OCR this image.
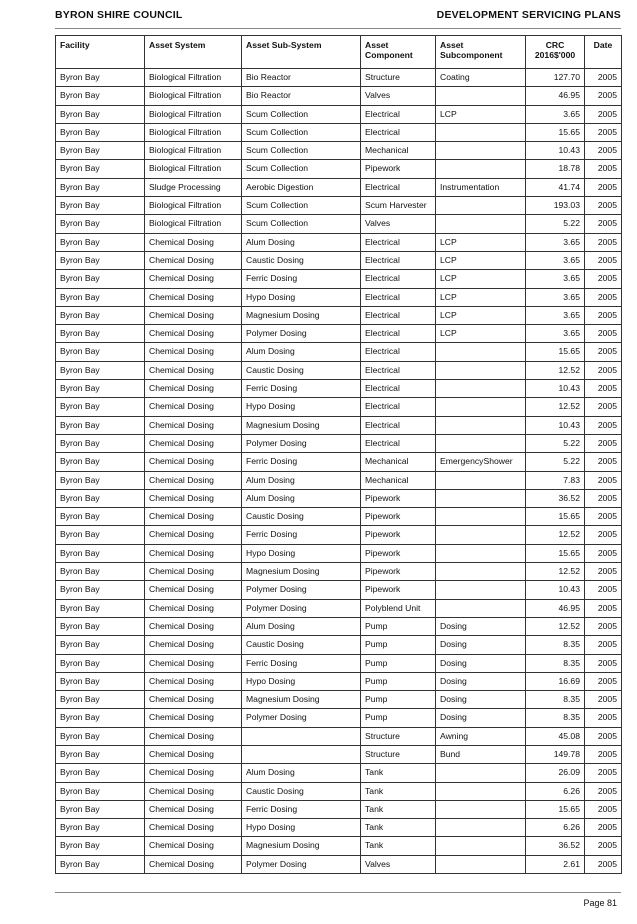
BYRON SHIRE COUNCIL	DEVELOPMENT SERVICING PLANS
Facility	Asset System	Asset Sub-System	Asset Component	Asset Subcomponent	CRC 2016$'000	Date
Byron Bay	Biological Filtration	Bio Reactor	Structure	Coating	127.70	2005
Byron Bay	Biological Filtration	Bio Reactor	Valves		46.95	2005
Byron Bay	Biological Filtration	Scum Collection	Electrical	LCP	3.65	2005
Byron Bay	Biological Filtration	Scum Collection	Electrical		15.65	2005
Byron Bay	Biological Filtration	Scum Collection	Mechanical		10.43	2005
Byron Bay	Biological Filtration	Scum Collection	Pipework		18.78	2005
Byron Bay	Sludge Processing	Aerobic Digestion	Electrical	Instrumentation	41.74	2005
Byron Bay	Biological Filtration	Scum Collection	Scum Harvester		193.03	2005
Byron Bay	Biological Filtration	Scum Collection	Valves		5.22	2005
Byron Bay	Chemical Dosing	Alum Dosing	Electrical	LCP	3.65	2005
Byron Bay	Chemical Dosing	Caustic Dosing	Electrical	LCP	3.65	2005
Byron Bay	Chemical Dosing	Ferric Dosing	Electrical	LCP	3.65	2005
Byron Bay	Chemical Dosing	Hypo Dosing	Electrical	LCP	3.65	2005
Byron Bay	Chemical Dosing	Magnesium Dosing	Electrical	LCP	3.65	2005
Byron Bay	Chemical Dosing	Polymer Dosing	Electrical	LCP	3.65	2005
Byron Bay	Chemical Dosing	Alum Dosing	Electrical		15.65	2005
Byron Bay	Chemical Dosing	Caustic Dosing	Electrical		12.52	2005
Byron Bay	Chemical Dosing	Ferric Dosing	Electrical		10.43	2005
Byron Bay	Chemical Dosing	Hypo Dosing	Electrical		12.52	2005
Byron Bay	Chemical Dosing	Magnesium Dosing	Electrical		10.43	2005
Byron Bay	Chemical Dosing	Polymer Dosing	Electrical		5.22	2005
Byron Bay	Chemical Dosing	Ferric Dosing	Mechanical	EmergencyShower	5.22	2005
Byron Bay	Chemical Dosing	Alum Dosing	Mechanical		7.83	2005
Byron Bay	Chemical Dosing	Alum Dosing	Pipework		36.52	2005
Byron Bay	Chemical Dosing	Caustic Dosing	Pipework		15.65	2005
Byron Bay	Chemical Dosing	Ferric Dosing	Pipework		12.52	2005
Byron Bay	Chemical Dosing	Hypo Dosing	Pipework		15.65	2005
Byron Bay	Chemical Dosing	Magnesium Dosing	Pipework		12.52	2005
Byron Bay	Chemical Dosing	Polymer Dosing	Pipework		10.43	2005
Byron Bay	Chemical Dosing	Polymer Dosing	Polyblend Unit		46.95	2005
Byron Bay	Chemical Dosing	Alum Dosing	Pump	Dosing	12.52	2005
Byron Bay	Chemical Dosing	Caustic Dosing	Pump	Dosing	8.35	2005
Byron Bay	Chemical Dosing	Ferric Dosing	Pump	Dosing	8.35	2005
Byron Bay	Chemical Dosing	Hypo Dosing	Pump	Dosing	16.69	2005
Byron Bay	Chemical Dosing	Magnesium Dosing	Pump	Dosing	8.35	2005
Byron Bay	Chemical Dosing	Polymer Dosing	Pump	Dosing	8.35	2005
Byron Bay	Chemical Dosing		Structure	Awning	45.08	2005
Byron Bay	Chemical Dosing		Structure	Bund	149.78	2005
Byron Bay	Chemical Dosing	Alum Dosing	Tank		26.09	2005
Byron Bay	Chemical Dosing	Caustic Dosing	Tank		6.26	2005
Byron Bay	Chemical Dosing	Ferric Dosing	Tank		15.65	2005
Byron Bay	Chemical Dosing	Hypo Dosing	Tank		6.26	2005
Byron Bay	Chemical Dosing	Magnesium Dosing	Tank		36.52	2005
Byron Bay	Chemical Dosing	Polymer Dosing	Valves		2.61	2005
Page 81
